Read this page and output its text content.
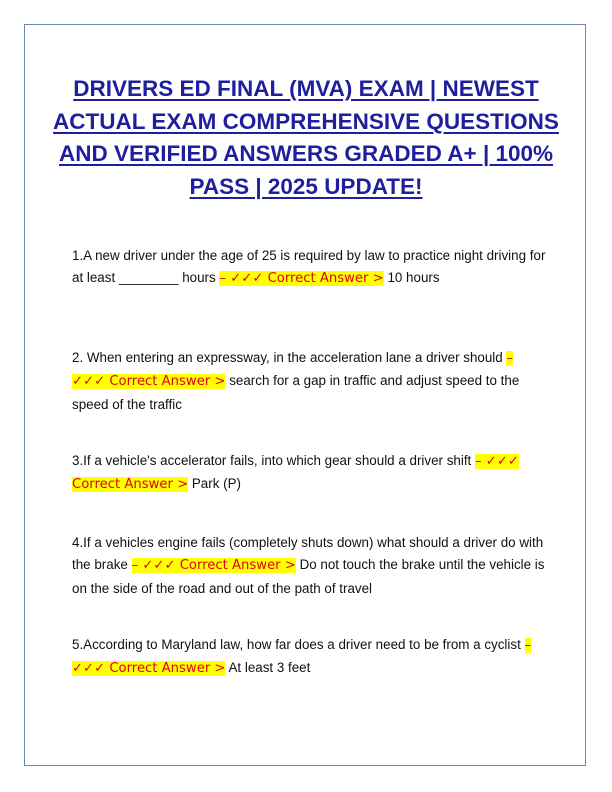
DRIVERS ED FINAL (MVA) EXAM | NEWEST ACTUAL EXAM COMPREHENSIVE QUESTIONS AND VERIFIED ANSWERS GRADED A+ | 100% PASS | 2025 UPDATE!

1.A new driver under the age of 25 is required by law to practice night driving for at least ________ hours – ✓✓✓ Correct Answer > 10 hours

2. When entering an expressway, in the acceleration lane a driver should – ✓✓✓ Correct Answer > search for a gap in traffic and adjust speed to the speed of the traffic

3.If a vehicle's accelerator fails, into which gear should a driver shift – ✓✓✓ Correct Answer > Park (P)

4.If a vehicles engine fails (completely shuts down) what should a driver do with the brake – ✓✓✓ Correct Answer > Do not touch the brake until the vehicle is on the side of the road and out of the path of travel

5.According to Maryland law, how far does a driver need to be from a cyclist – ✓✓✓ Correct Answer > At least 3 feet
